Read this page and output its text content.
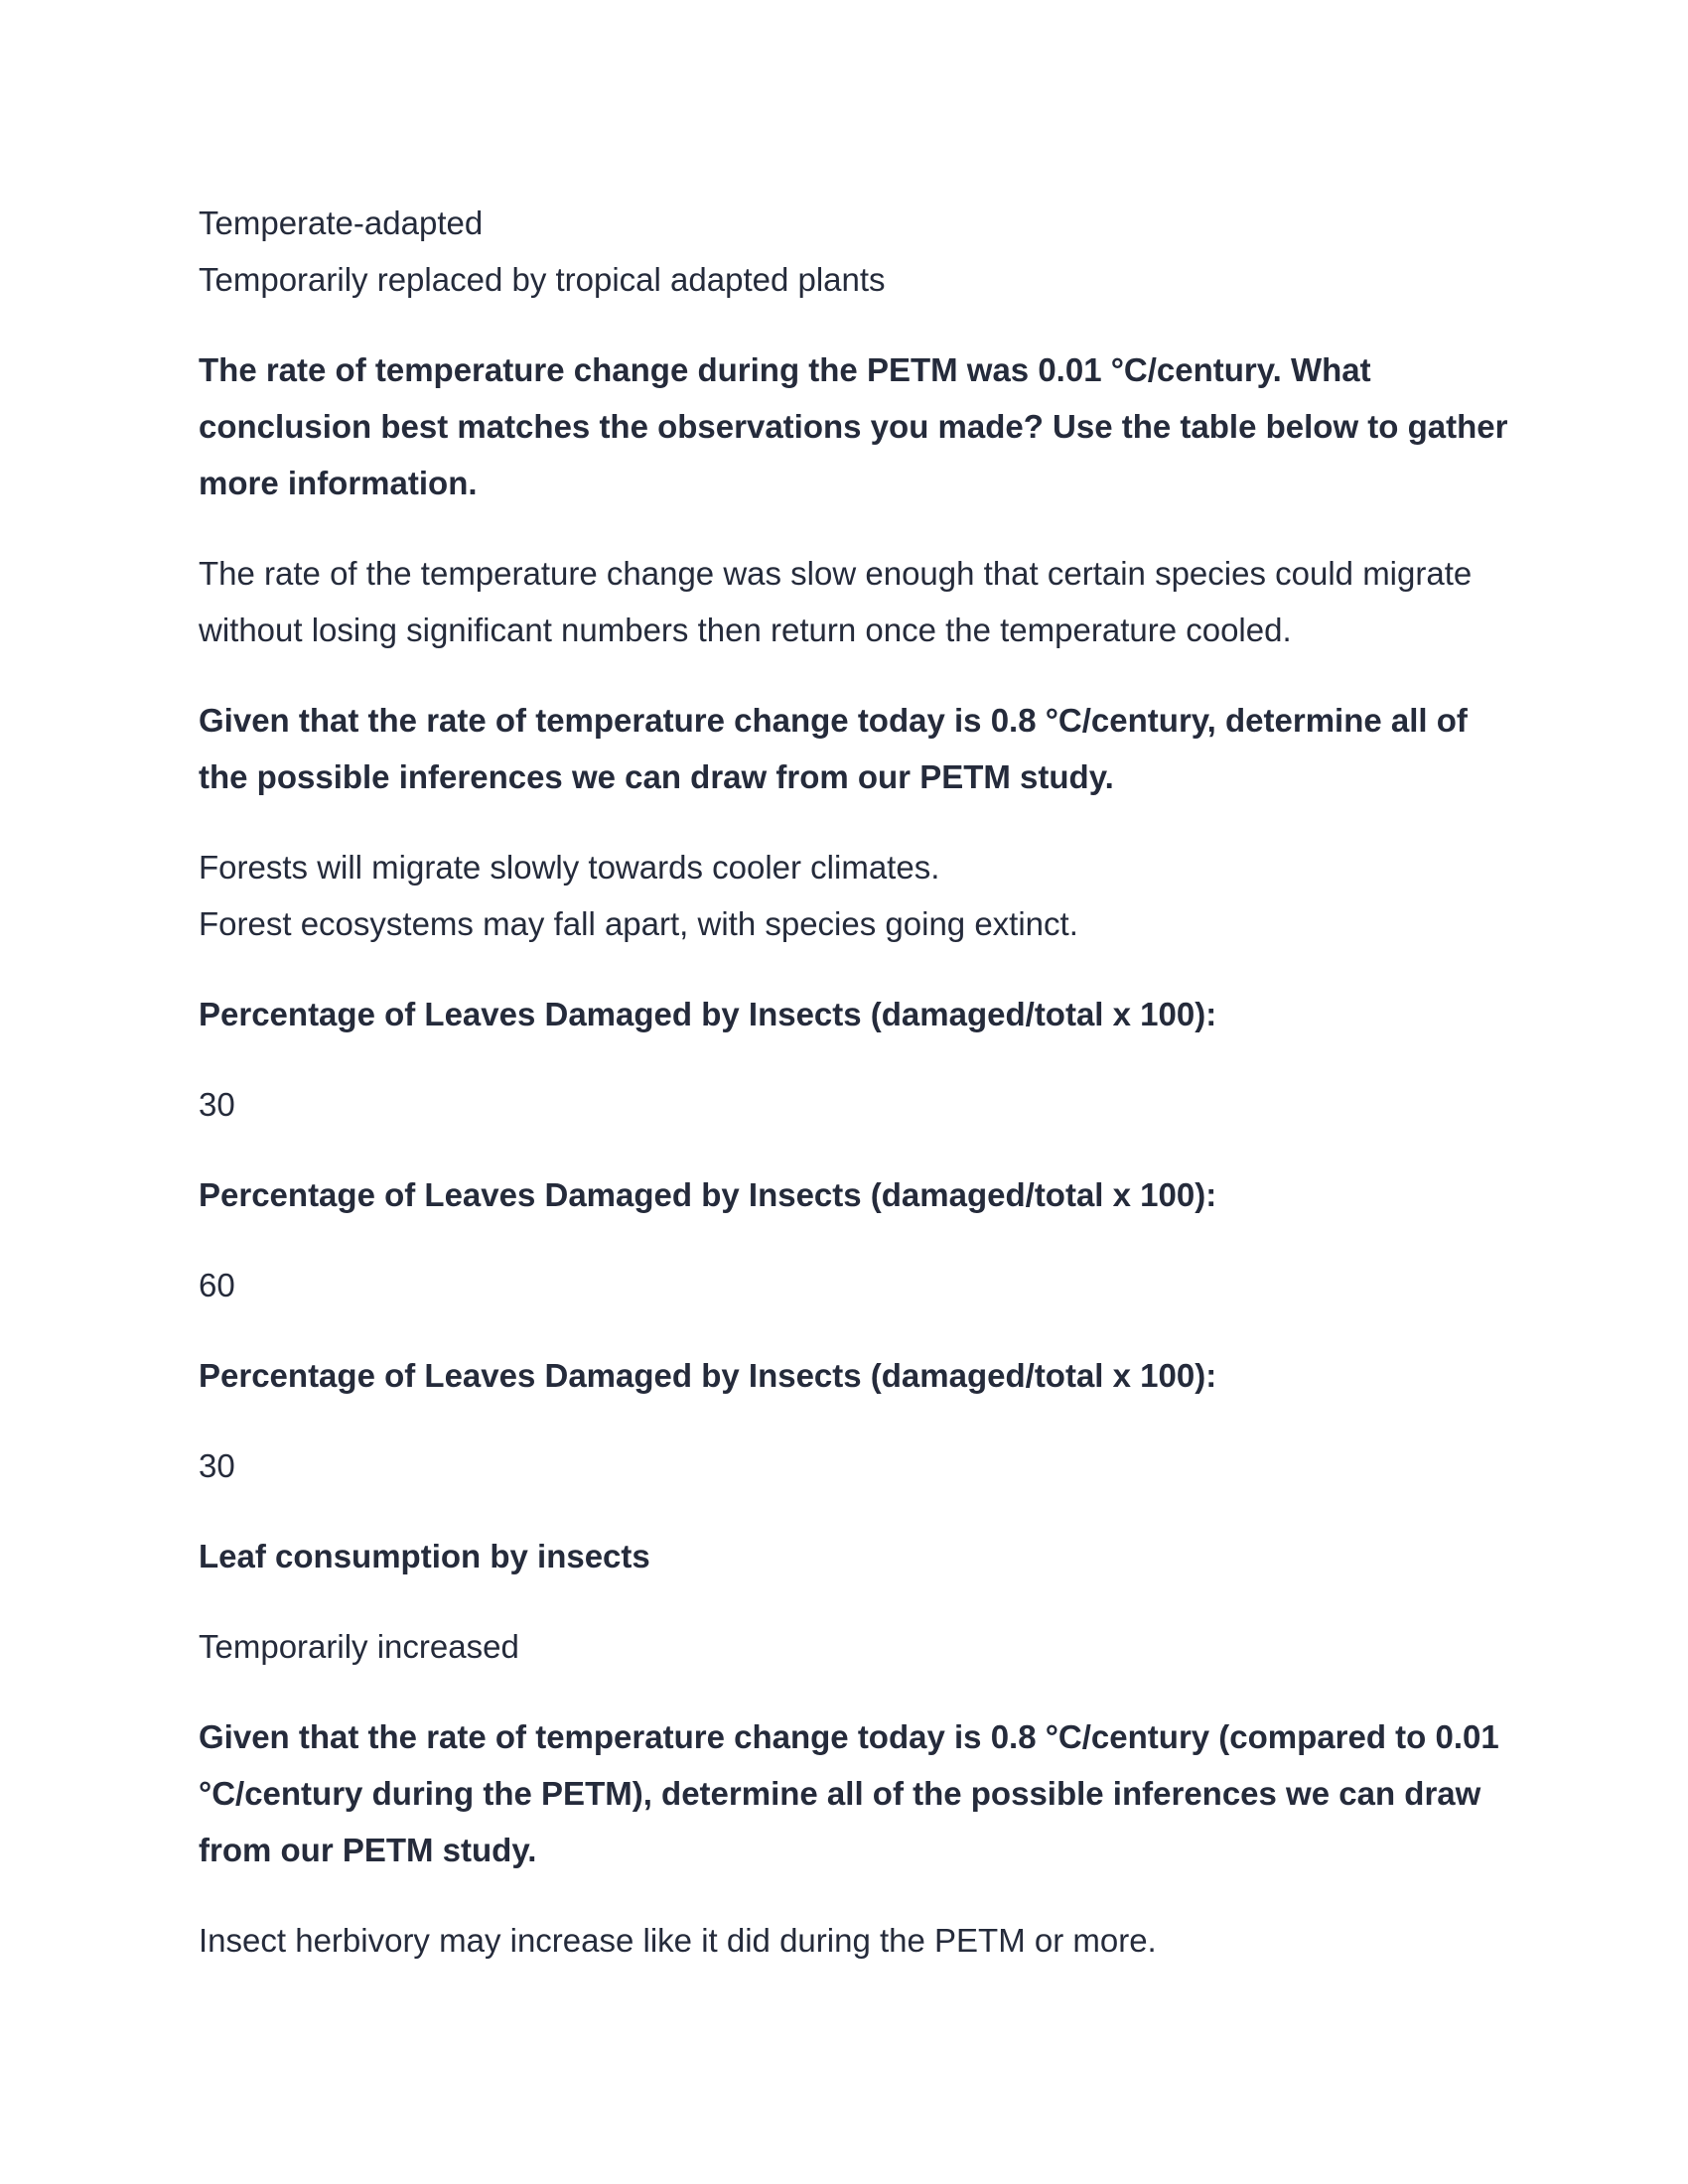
Temperate-adapted

Temporarily replaced by tropical adapted plants

The rate of temperature change during the PETM was 0.01 °C/century. What conclusion best matches the observations you made? Use the table below to gather more information.

The rate of the temperature change was slow enough that certain species could migrate without losing significant numbers then return once the temperature cooled.

Given that the rate of temperature change today is 0.8 °C/century, determine all of the possible inferences we can draw from our PETM study.

Forests will migrate slowly towards cooler climates.

Forest ecosystems may fall apart, with species going extinct.

Percentage of Leaves Damaged by Insects (damaged/total x 100):

30

Percentage of Leaves Damaged by Insects (damaged/total x 100):

60

Percentage of Leaves Damaged by Insects (damaged/total x 100):

30

Leaf consumption by insects

Temporarily increased

Given that the rate of temperature change today is 0.8 °C/century (compared to 0.01 °C/century during the PETM), determine all of the possible inferences we can draw from our PETM study.

Insect herbivory may increase like it did during the PETM or more.
